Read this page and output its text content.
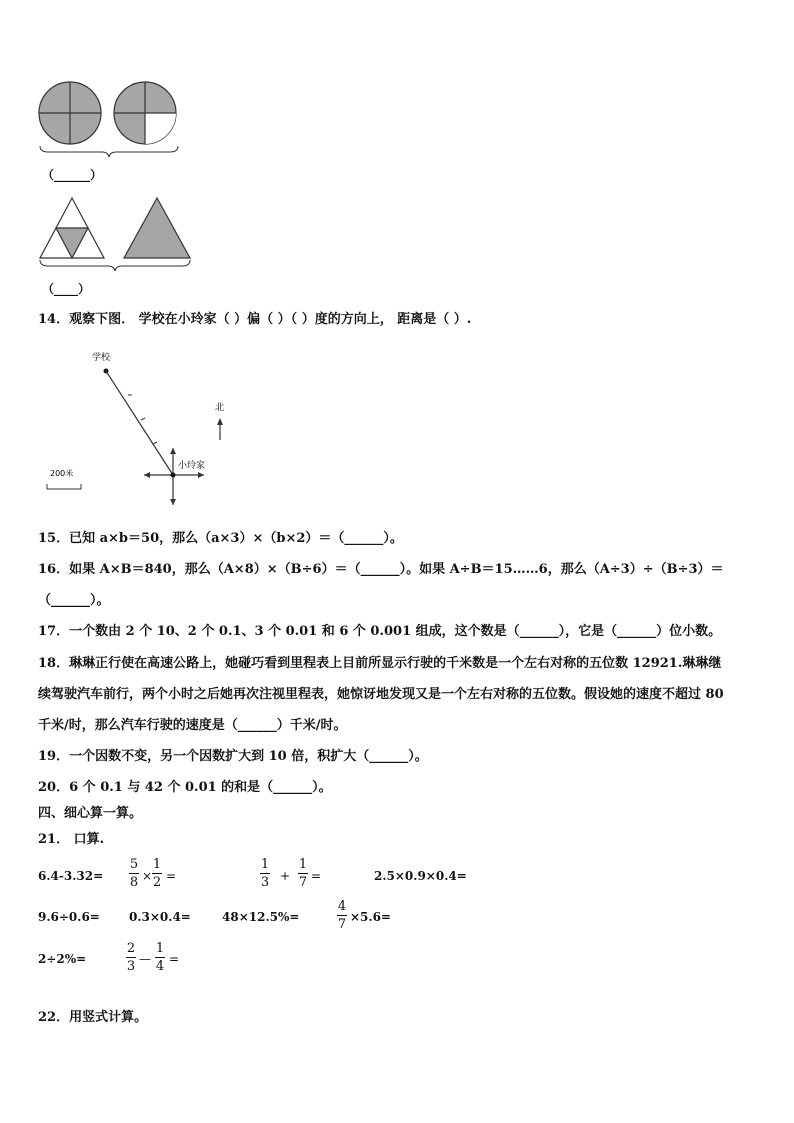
（______）
（____）
14．观察下图． 学校在小玲家（ ）偏（ ）（ ）度的方向上， 距离是（ ）.
学校
小玲家
北
200米
15．已知 a×b＝50，那么（a×3）×（b×2）＝（______）。
16．如果 A×B＝840，那么（A×8）×（B÷6）＝（______）。如果 A÷B＝15……6，那么（A÷3）÷（B÷3）＝
（______）。
17．一个数由 2 个 10、2 个 0.1、3 个 0.01 和 6 个 0.001 组成，这个数是（______），它是（______）位小数。
18．琳琳正行使在高速公路上，她碰巧看到里程表上目前所显示行驶的千米数是一个左右对称的五位数 12921.琳琳继
续驾驶汽车前行，两个小时之后她再次注视里程表，她惊讶地发现又是一个左右对称的五位数。假设她的速度不超过 80
千米/时，那么汽车行驶的速度是（______）千米/时。
19．一个因数不变，另一个因数扩大到 10 倍，积扩大（______）。
20．6 个 0.1 与 42 个 0.01 的和是（______）。
四、细心算一算。
21． 口算.
6.4-3.32=
5
8 ×
1
2 =
1
3 +
1
7 =	2.5×0.9×0.4=
9.6÷0.6= 0.3×0.4=	48×12.5%=
4
7 ×5.6=
2÷2%=
2
3 —
1
4 =
22．用竖式计算。
